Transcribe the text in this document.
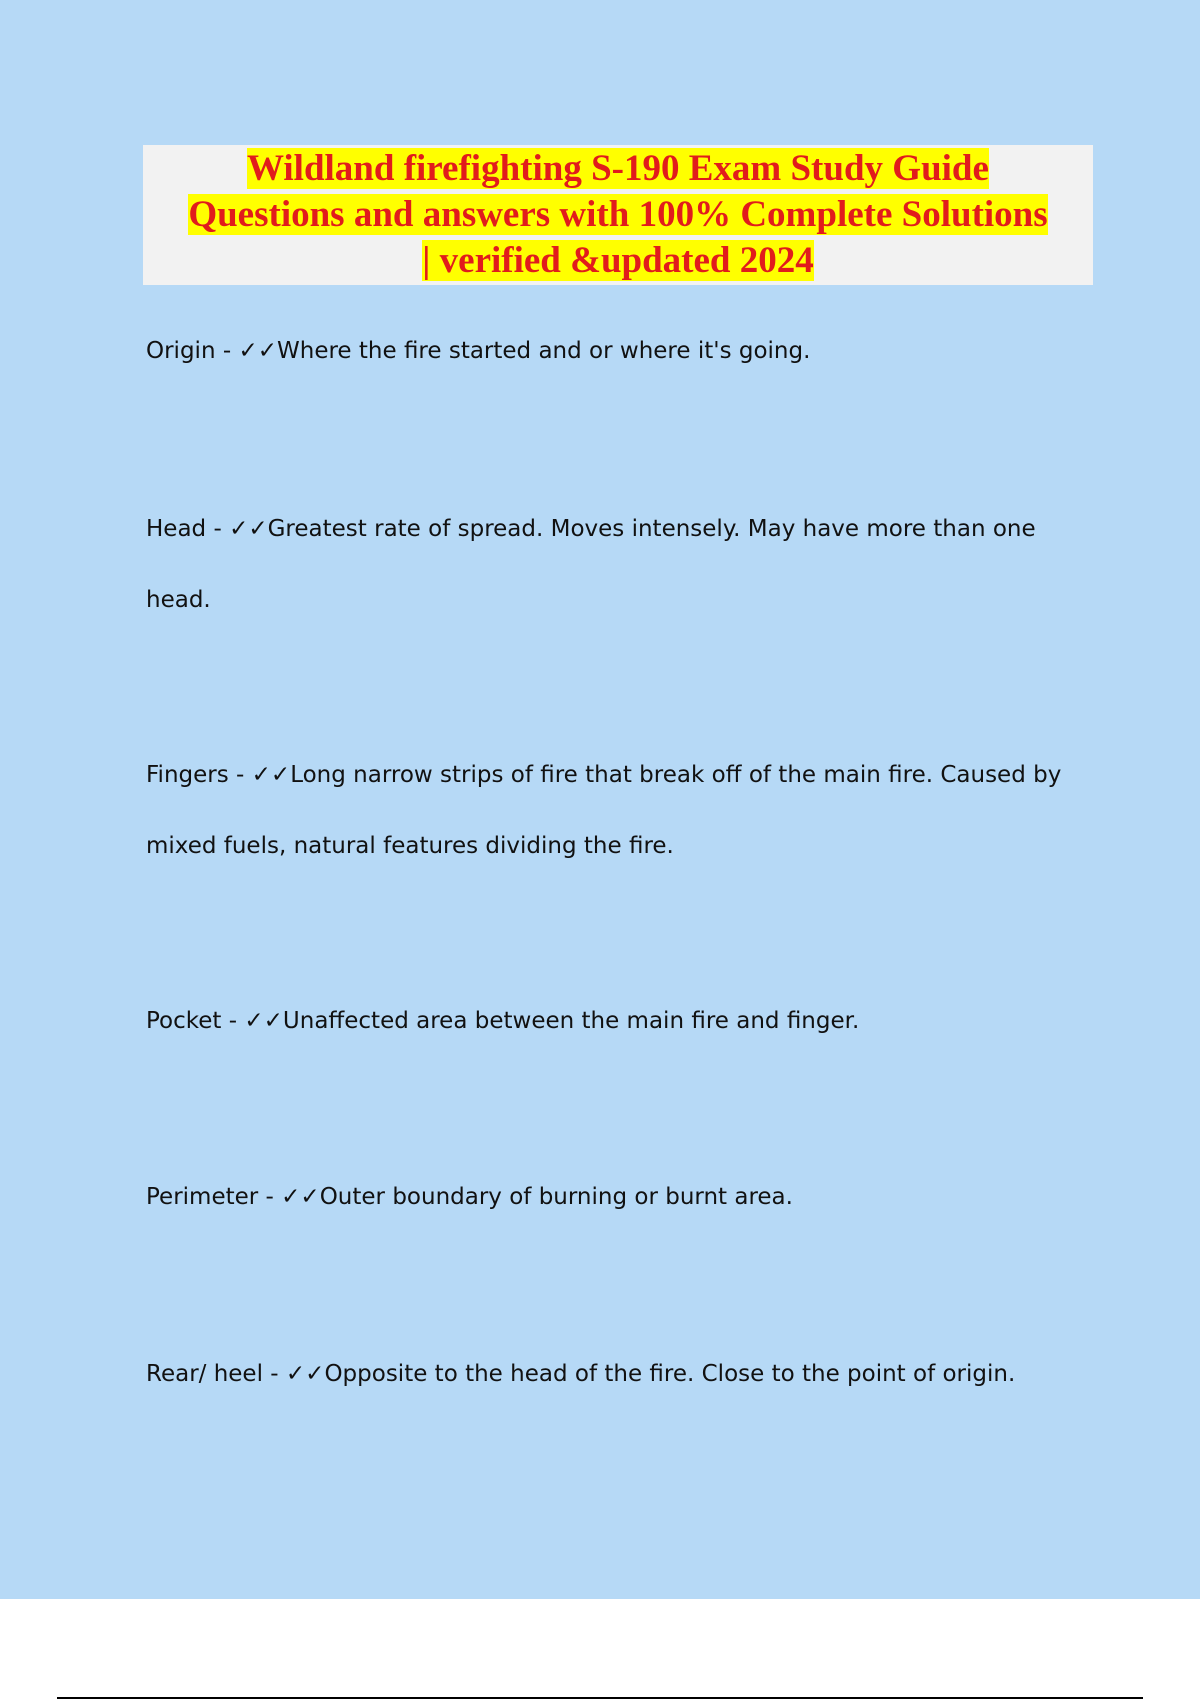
Wildland firefighting S-190 Exam Study Guide
Questions and answers with 100% Complete Solutions
| verified &updated 2024

Origin - ✓✓Where the fire started and or where it's going.

Head - ✓✓Greatest rate of spread. Moves intensely. May have more than one head.

Fingers - ✓✓Long narrow strips of fire that break off of the main fire. Caused by mixed fuels, natural features dividing the fire.

Pocket - ✓✓Unaffected area between the main fire and finger.

Perimeter - ✓✓Outer boundary of burning or burnt area.

Rear/ heel - ✓✓Opposite to the head of the fire. Close to the point of origin.
